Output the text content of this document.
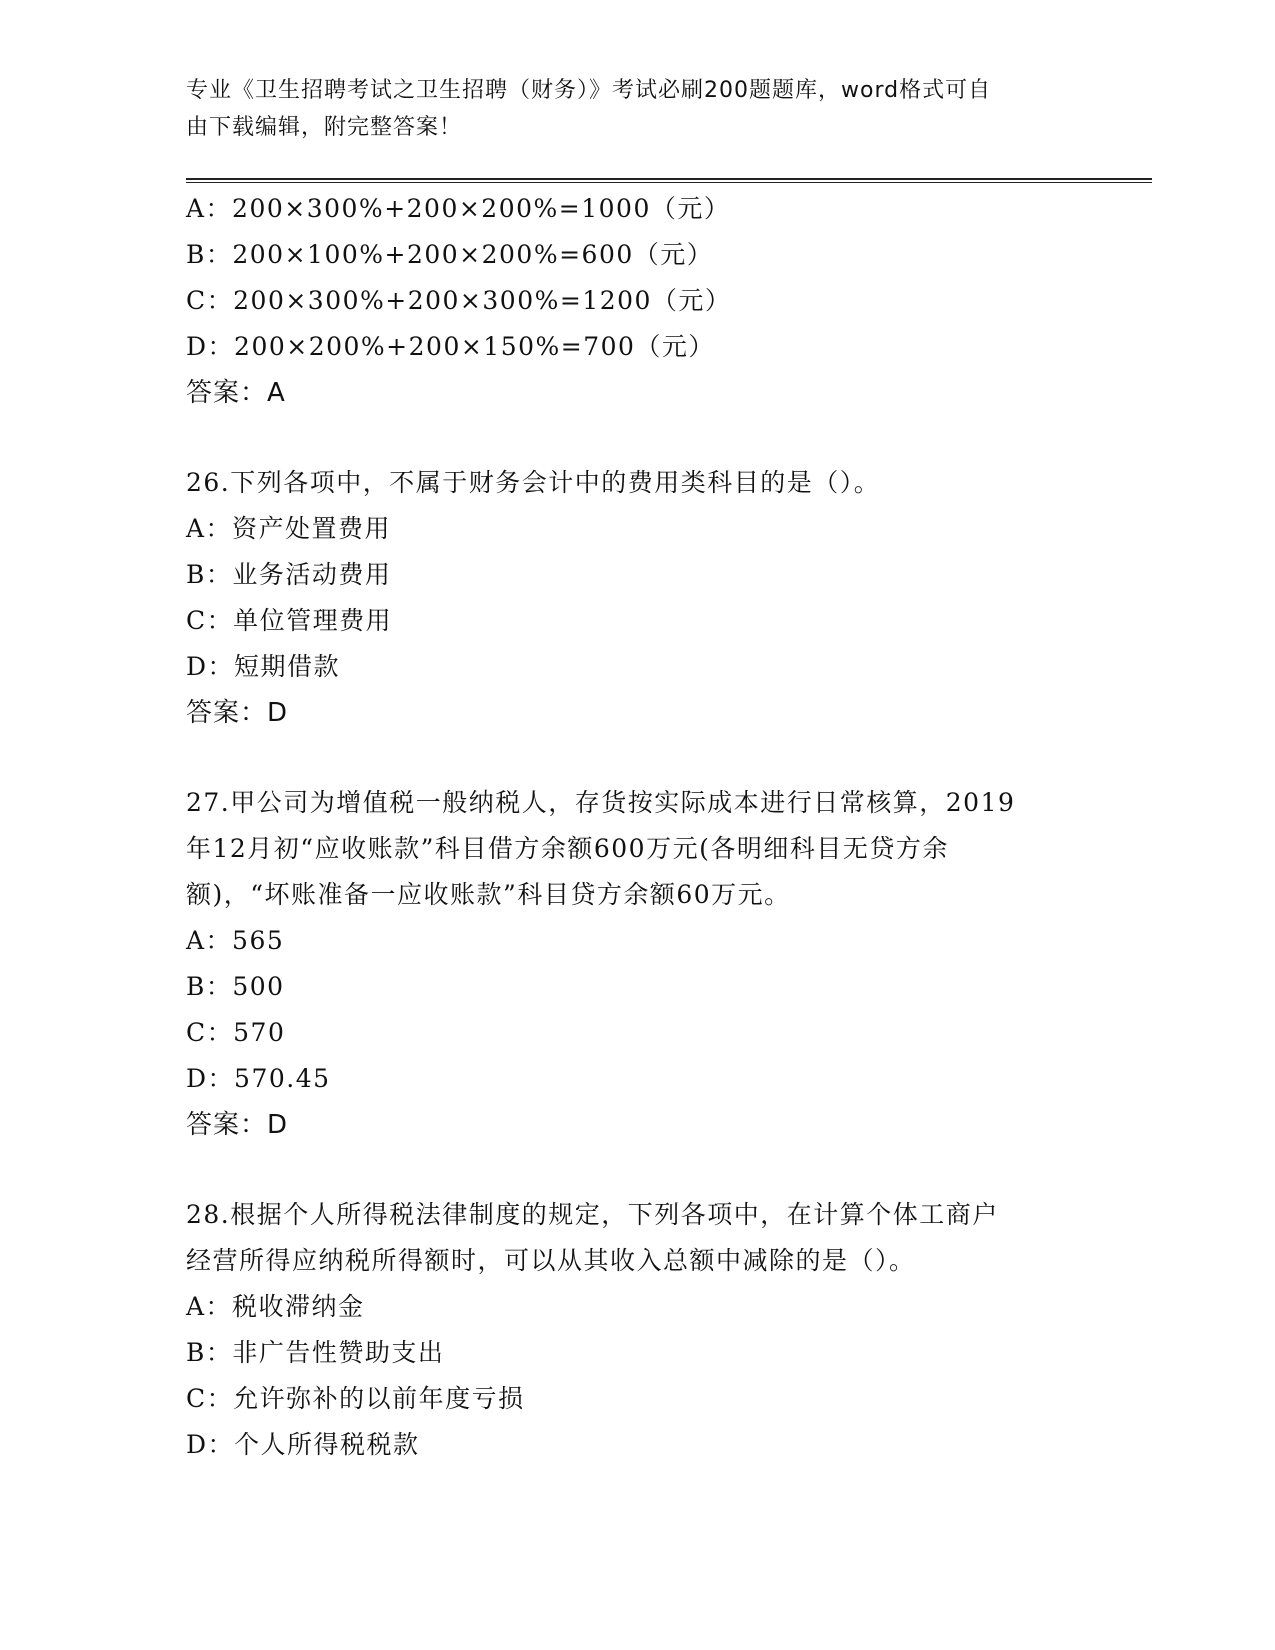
专业《卫生招聘考试之卫生招聘（财务）》考试必刷200题题库，word格式可自
由下载编辑，附完整答案！
A：200×300%+200×200%=1000（元）
B：200×100%+200×200%=600（元）
C：200×300%+200×300%=1200（元）
D：200×200%+200×150%=700（元）
答案：A
26.下列各项中，不属于财务会计中的费用类科目的是（）。
A：资产处置费用
B：业务活动费用
C：单位管理费用
D：短期借款
答案：D
27.甲公司为增值税一般纳税人，存货按实际成本进行日常核算，2019
年12月初“应收账款”科目借方余额600万元(各明细科目无贷方余
额)，“坏账准备一应收账款”科目贷方余额60万元。
A：565
B：500
C：570
D：570.45
答案：D
28.根据个人所得税法律制度的规定，下列各项中，在计算个体工商户
经营所得应纳税所得额时，可以从其收入总额中减除的是（）。
A：税收滞纳金
B：非广告性赞助支出
C：允许弥补的以前年度亏损
D：个人所得税税款
